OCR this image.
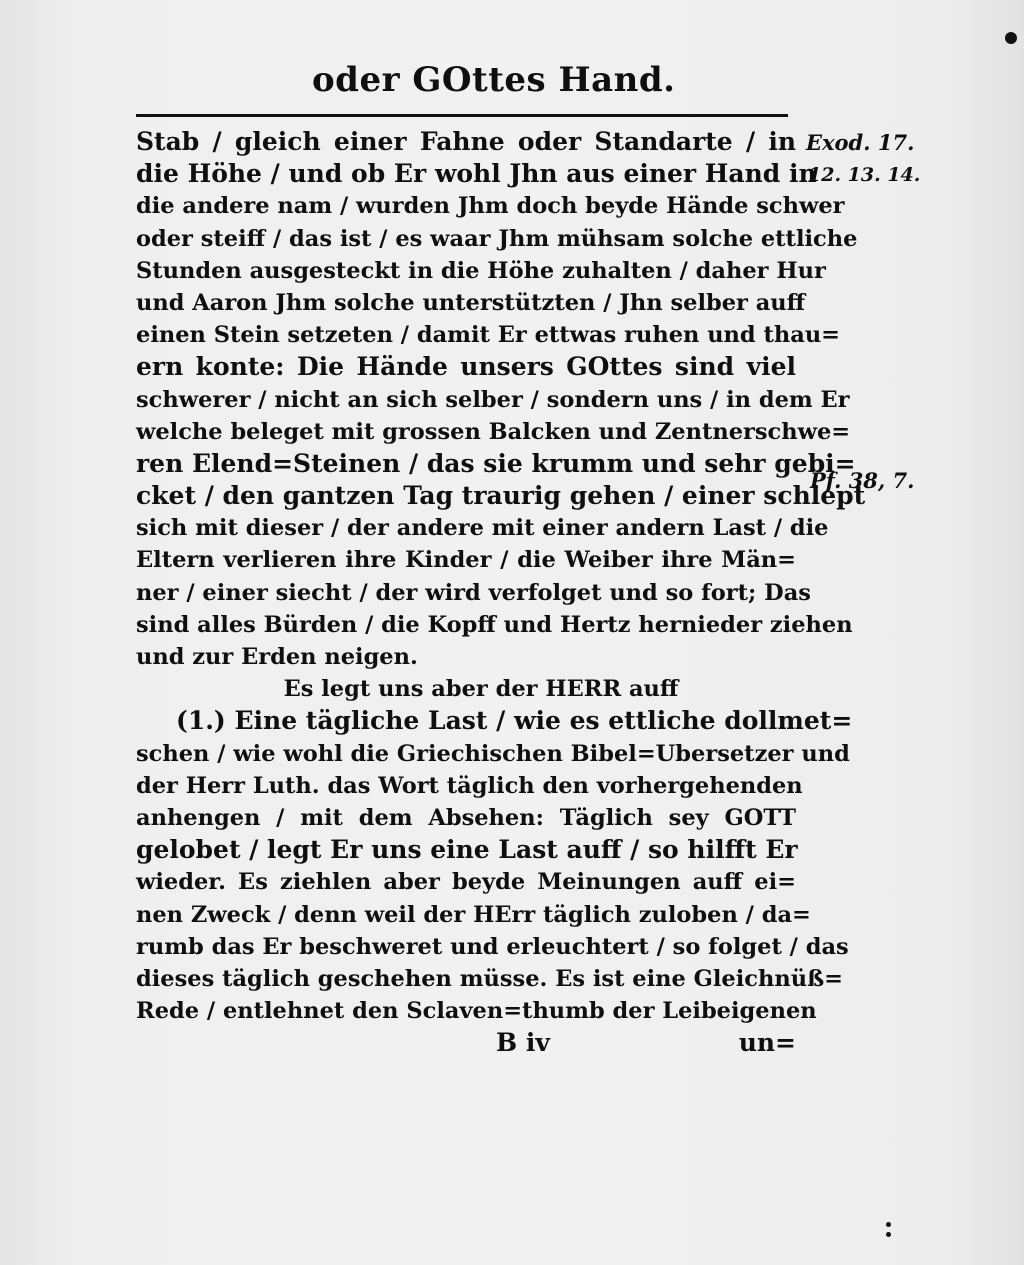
oder GOttes Hand.
Stab / gleich einer Fahne oder Standarte / in
die Höhe / und ob Er wohl Jhn aus einer Hand in
die andere nam / wurden Jhm doch beyde Hände schwer
oder steiff / das ist / es waar Jhm mühsam solche ettliche
Stunden ausgesteckt in die Höhe zuhalten / daher Hur
und Aaron Jhm solche unterstützten / Jhn selber auff
einen Stein setzeten / damit Er ettwas ruhen und thau=
ern konte: Die Hände unsers GOttes sind viel
schwerer / nicht an sich selber / sondern uns / in dem Er
welche beleget mit grossen Balcken und Zentnerschwe=
ren Elend=Steinen / das sie krumm und sehr gebi=
cket / den gantzen Tag traurig gehen / einer schlept
sich mit dieser / der andere mit einer andern Last / die
Eltern verlieren ihre Kinder / die Weiber ihre Män=
ner / einer siecht / der wird verfolget und so fort; Das
sind alles Bürden / die Kopff und Hertz hernieder ziehen
und zur Erden neigen.
Es legt uns aber der HERR auff
(1.) Eine tägliche Last / wie es ettliche dollmet=
schen / wie wohl die Griechischen Bibel=Ubersetzer und
der Herr Luth. das Wort täglich den vorhergehenden
anhengen / mit dem Absehen: Täglich sey GOTT
gelobet / legt Er uns eine Last auff / so hilfft Er
wieder. Es ziehlen aber beyde Meinungen auff ei=
nen Zweck / denn weil der HErr täglich zuloben / da=
rumb das Er beschweret und erleuchtert / so folget / das
dieses täglich geschehen müsse. Es ist eine Gleichnüß=
Rede / entlehnet den Sclaven=thumb der Leibeigenen
B iv	un=
Exod. 17.
12. 13. 14.
Pf. 38, 7.
